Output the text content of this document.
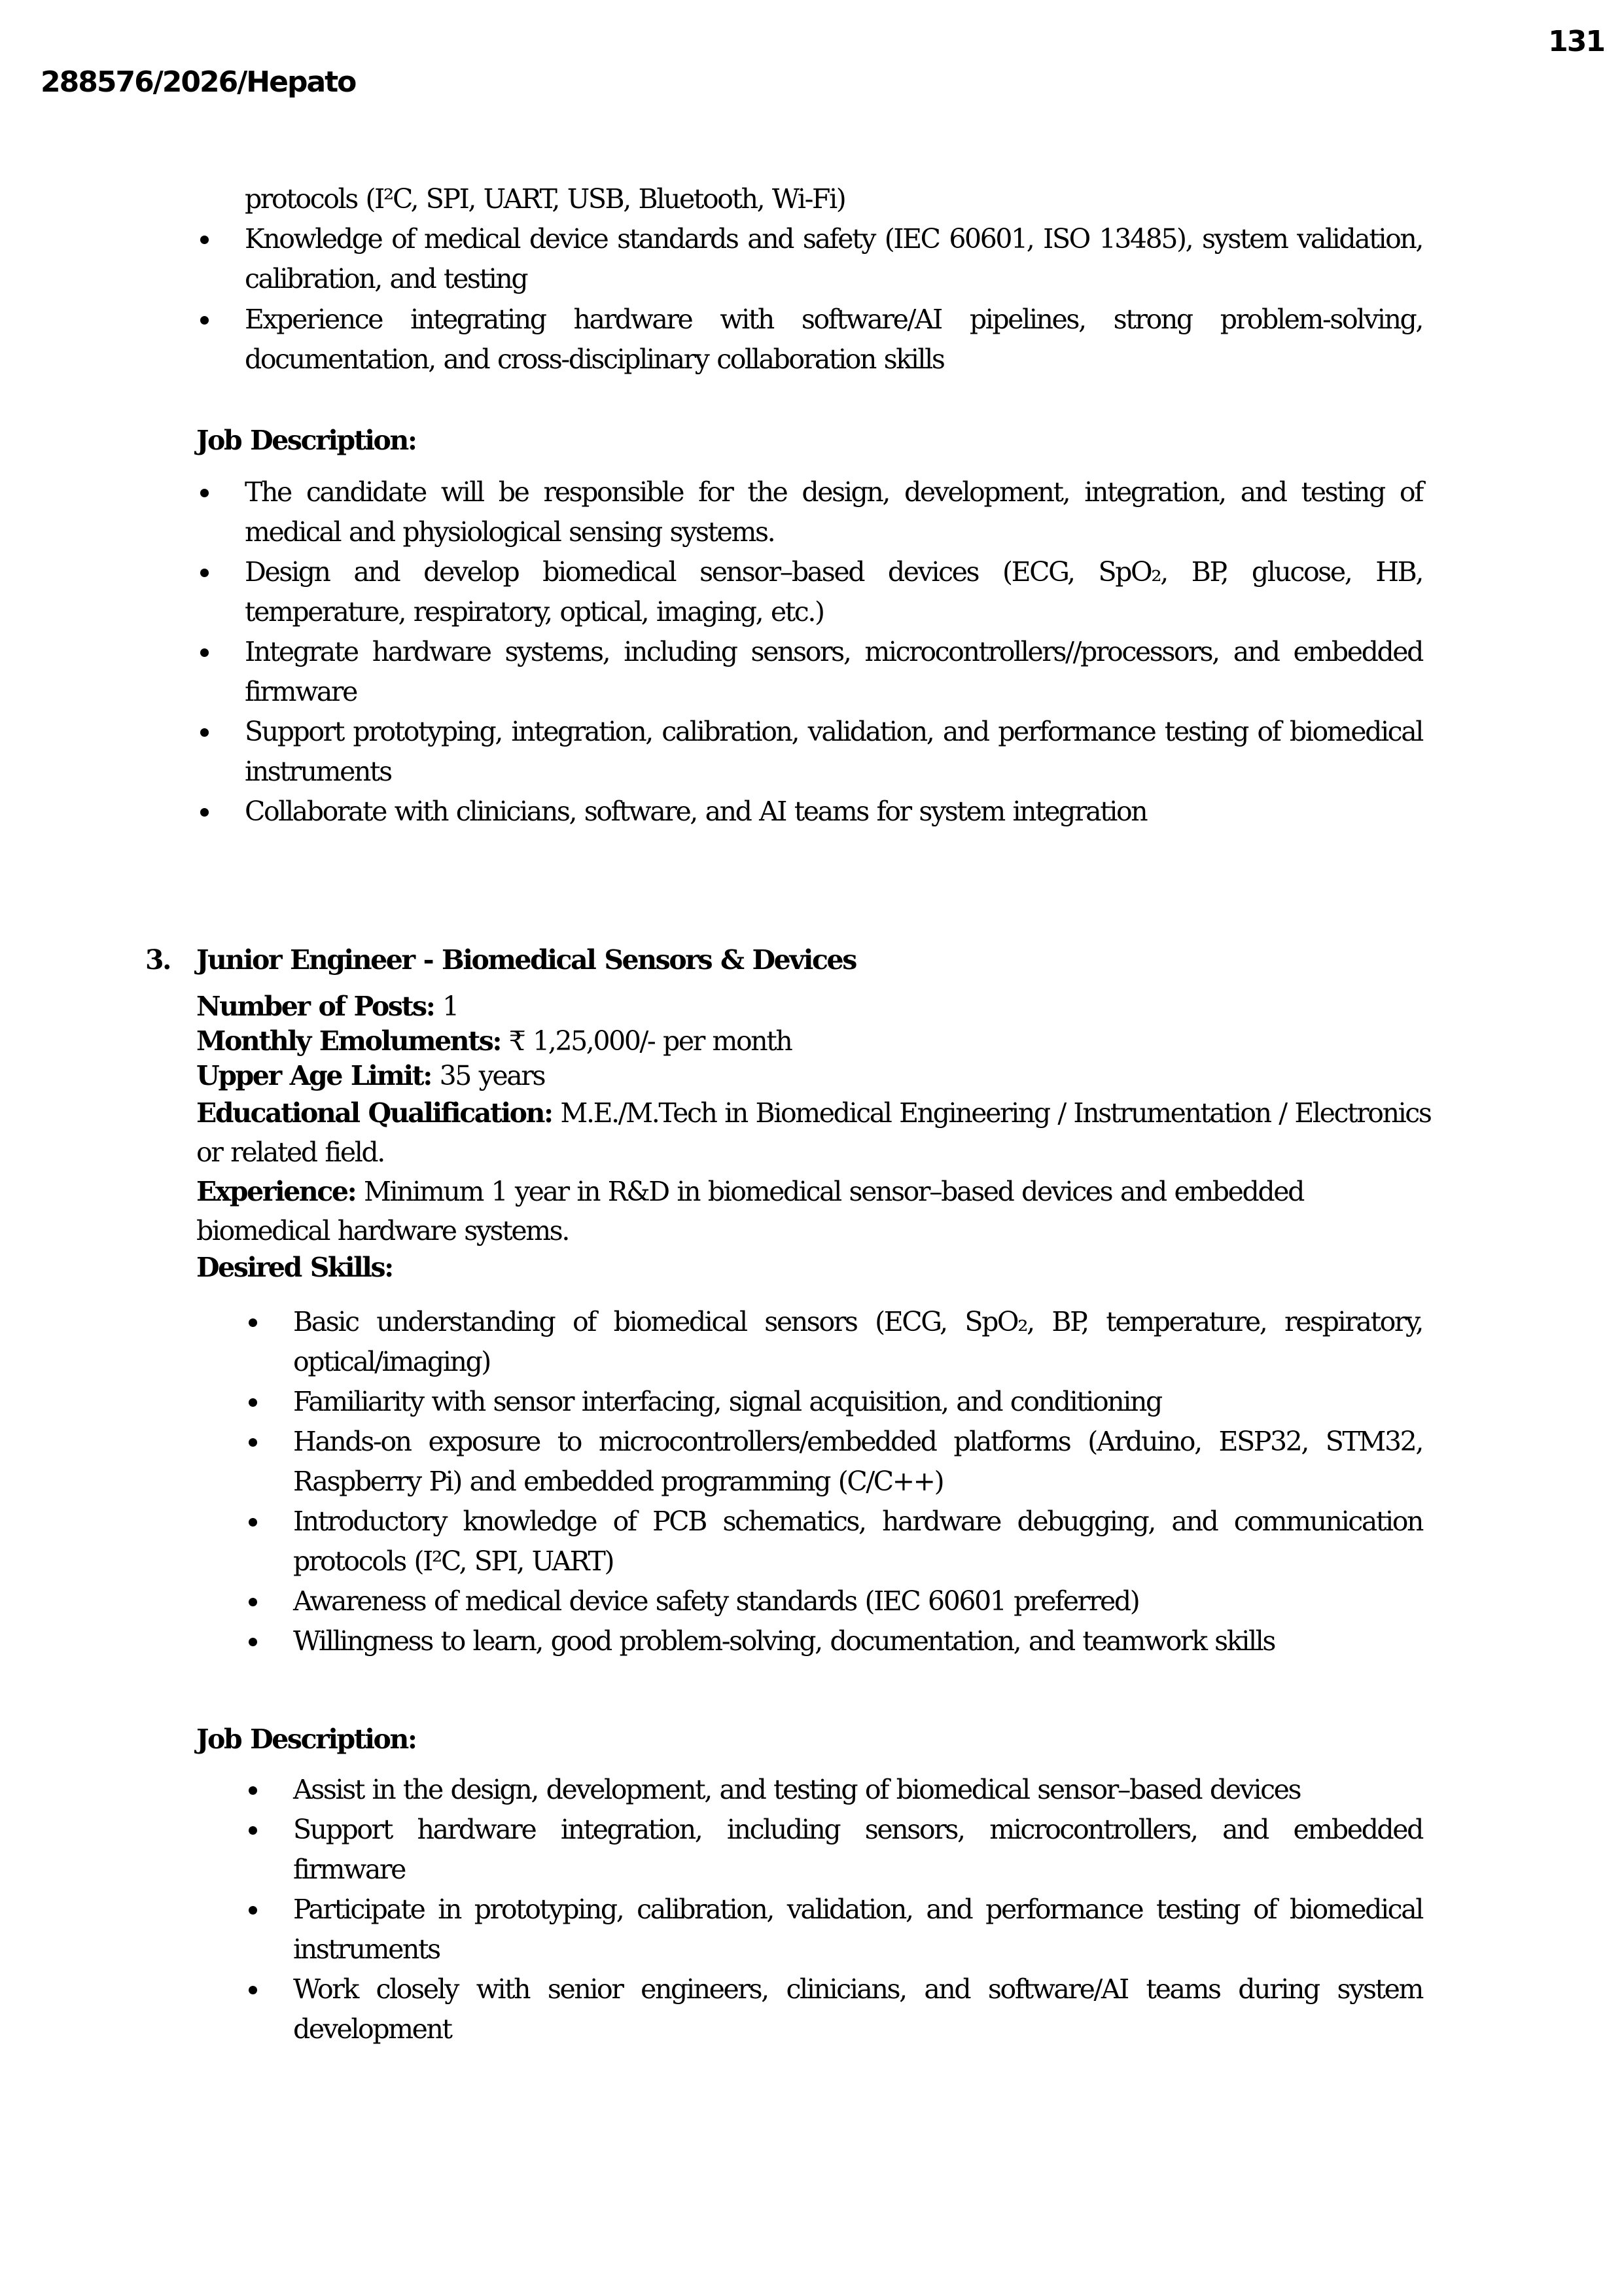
131
288576/2026/Hepato
protocols (I²C, SPI, UART, USB, Bluetooth, Wi-Fi)
Knowledge of medical device standards and safety (IEC 60601, ISO 13485), system validation, calibration, and testing
Experience integrating hardware with software/AI pipelines, strong problem-solving, documentation, and cross-disciplinary collaboration skills
Job Description:
The candidate will be responsible for the design, development, integration, and testing of medical and physiological sensing systems.
Design and develop biomedical sensor–based devices (ECG, SpO₂, BP, glucose, HB, temperature, respiratory, optical, imaging, etc.)
Integrate hardware systems, including sensors, microcontrollers//processors, and embedded firmware
Support prototyping, integration, calibration, validation, and performance testing of biomedical instruments
Collaborate with clinicians, software, and AI teams for system integration
3. Junior Engineer - Biomedical Sensors & Devices
Number of Posts: 1
Monthly Emoluments: ₹ 1,25,000/- per month
Upper Age Limit: 35 years
Educational Qualification: M.E./M.Tech in Biomedical Engineering / Instrumentation / Electronics or related field.
Experience: Minimum 1 year in R&D in biomedical sensor–based devices and embedded biomedical hardware systems.
Desired Skills:
Basic understanding of biomedical sensors (ECG, SpO₂, BP, temperature, respiratory, optical/imaging)
Familiarity with sensor interfacing, signal acquisition, and conditioning
Hands-on exposure to microcontrollers/embedded platforms (Arduino, ESP32, STM32, Raspberry Pi) and embedded programming (C/C++)
Introductory knowledge of PCB schematics, hardware debugging, and communication protocols (I²C, SPI, UART)
Awareness of medical device safety standards (IEC 60601 preferred)
Willingness to learn, good problem-solving, documentation, and teamwork skills
Job Description:
Assist in the design, development, and testing of biomedical sensor–based devices
Support hardware integration, including sensors, microcontrollers, and embedded firmware
Participate in prototyping, calibration, validation, and performance testing of biomedical instruments
Work closely with senior engineers, clinicians, and software/AI teams during system development
